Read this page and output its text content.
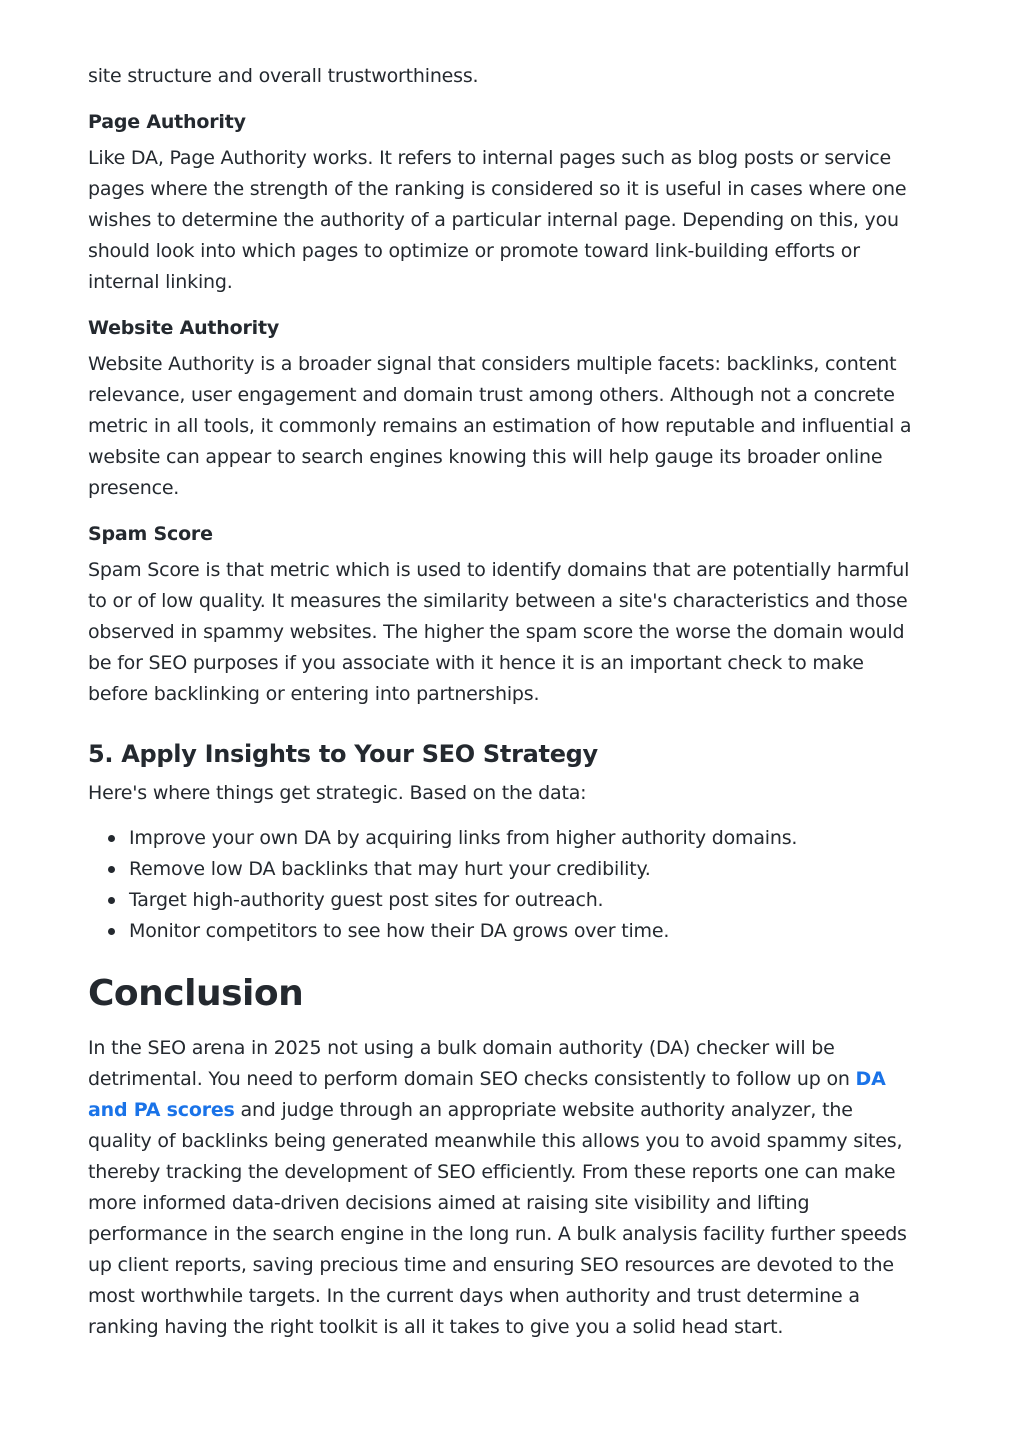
site structure and overall trustworthiness.

Page Authority

Like DA, Page Authority works. It refers to internal pages such as blog posts or service pages where the strength of the ranking is considered so it is useful in cases where one wishes to determine the authority of a particular internal page. Depending on this, you should look into which pages to optimize or promote toward link-building efforts or internal linking.

Website Authority

Website Authority is a broader signal that considers multiple facets: backlinks, content relevance, user engagement and domain trust among others. Although not a concrete metric in all tools, it commonly remains an estimation of how reputable and influential a website can appear to search engines knowing this will help gauge its broader online presence.

Spam Score

Spam Score is that metric which is used to identify domains that are potentially harmful to or of low quality. It measures the similarity between a site's characteristics and those observed in spammy websites. The higher the spam score the worse the domain would be for SEO purposes if you associate with it hence it is an important check to make before backlinking or entering into partnerships.

5. Apply Insights to Your SEO Strategy

Here's where things get strategic. Based on the data:

Improve your own DA by acquiring links from higher authority domains.
Remove low DA backlinks that may hurt your credibility.
Target high-authority guest post sites for outreach.
Monitor competitors to see how their DA grows over time.
Conclusion

In the SEO arena in 2025 not using a bulk domain authority (DA) checker will be detrimental. You need to perform domain SEO checks consistently to follow up on DA and PA scores and judge through an appropriate website authority analyzer, the quality of backlinks being generated meanwhile this allows you to avoid spammy sites, thereby tracking the development of SEO efficiently. From these reports one can make more informed data-driven decisions aimed at raising site visibility and lifting performance in the search engine in the long run. A bulk analysis facility further speeds up client reports, saving precious time and ensuring SEO resources are devoted to the most worthwhile targets. In the current days when authority and trust determine a ranking having the right toolkit is all it takes to give you a solid head start.
